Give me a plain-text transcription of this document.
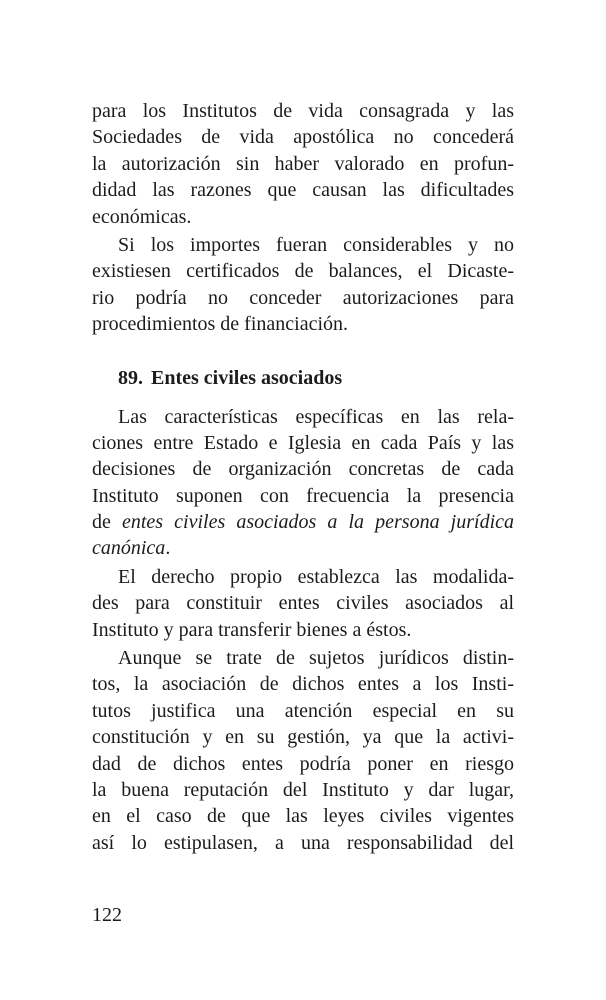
para los Institutos de vida consagrada y las
Sociedades de vida apostólica no concederá
la autorización sin haber valorado en profun-
didad las razones que causan las dificultades
económicas.
Si los importes fueran considerables y no
existiesen certificados de balances, el Dicaste-
rio podría no conceder autorizaciones para
procedimientos de financiación.
89. Entes civiles asociados
Las características específicas en las rela-
ciones entre Estado e Iglesia en cada País y las
decisiones de organización concretas de cada
Instituto suponen con frecuencia la presencia
de entes civiles asociados a la persona jurídica
canónica.
El derecho propio establezca las modalida-
des para constituir entes civiles asociados al
Instituto y para transferir bienes a éstos.
Aunque se trate de sujetos jurídicos distin-
tos, la asociación de dichos entes a los Insti-
tutos justifica una atención especial en su
constitución y en su gestión, ya que la activi-
dad de dichos entes podría poner en riesgo
la buena reputación del Instituto y dar lugar,
en el caso de que las leyes civiles vigentes
así lo estipulasen, a una responsabilidad del
122
